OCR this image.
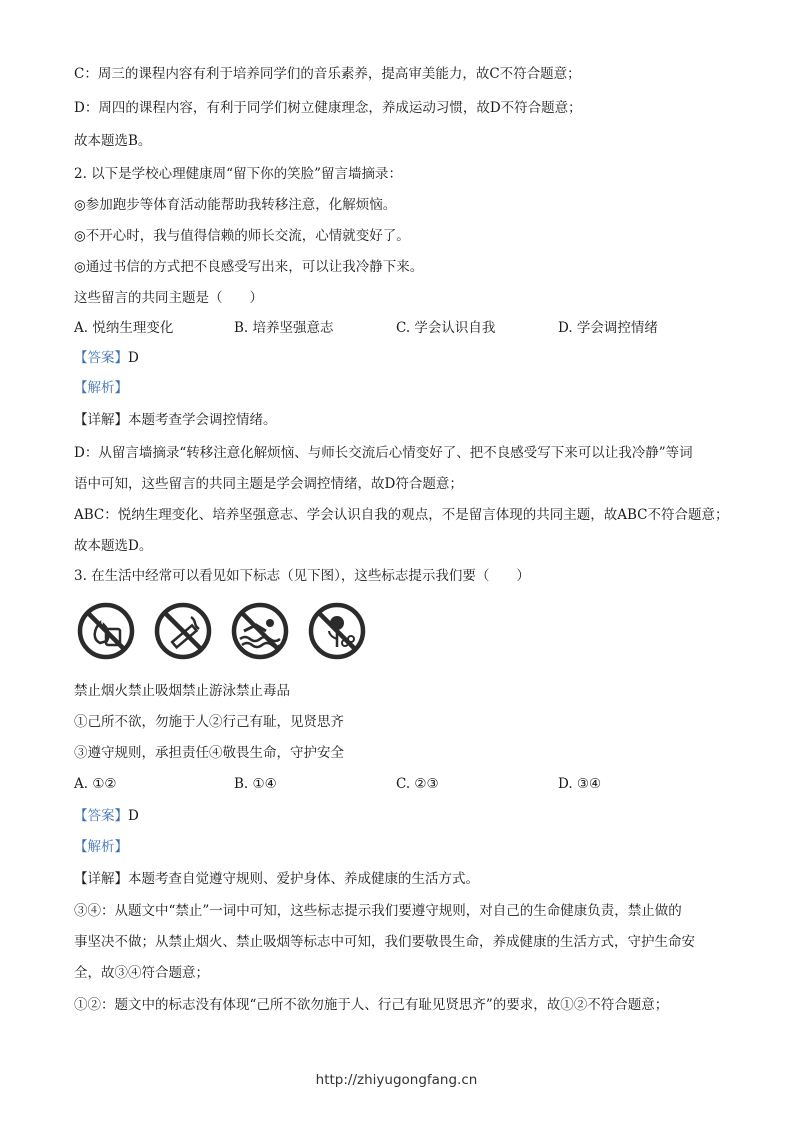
C：周三的课程内容有利于培养同学们的音乐素养，提高审美能力，故C不符合题意；
D：周四的课程内容，有利于同学们树立健康理念，养成运动习惯，故D不符合题意；
故本题选B。
2. 以下是学校心理健康周“留下你的笑脸”留言墙摘录：
◎参加跑步等体育活动能帮助我转移注意，化解烦恼。
◎不开心时，我与值得信赖的师长交流，心情就变好了。
◎通过书信的方式把不良感受写出来，可以让我冷静下来。
这些留言的共同主题是（　　）
A. 悦纳生理变化	B. 培养坚强意志	C. 学会认识自我	D. 学会调控情绪
【答案】D
【解析】
【详解】本题考查学会调控情绪。
D：从留言墙摘录“转移注意化解烦恼、与师长交流后心情变好了、把不良感受写下来可以让我冷静”等词
语中可知，这些留言的共同主题是学会调控情绪，故D符合题意；
ABC：悦纳生理变化、培养坚强意志、学会认识自我的观点，不是留言体现的共同主题，故ABC不符合题意；
故本题选D。
3. 在生活中经常可以看见如下标志（见下图），这些标志提示我们要（　　）
禁止烟火禁止吸烟禁止游泳禁止毒品
①己所不欲，勿施于人②行己有耻，见贤思齐
③遵守规则，承担责任④敬畏生命，守护安全
A. ①②	B. ①④	C. ②③	D. ③④
【答案】D
【解析】
【详解】本题考查自觉遵守规则、爱护身体、养成健康的生活方式。
③④：从题文中“禁止”一词中可知，这些标志提示我们要遵守规则，对自己的生命健康负责，禁止做的
事坚决不做；从禁止烟火、禁止吸烟等标志中可知，我们要敬畏生命，养成健康的生活方式，守护生命安
全，故③④符合题意；
①②：题文中的标志没有体现“己所不欲勿施于人、行己有耻见贤思齐”的要求，故①②不符合题意；
http://zhiyugongfang.cn
